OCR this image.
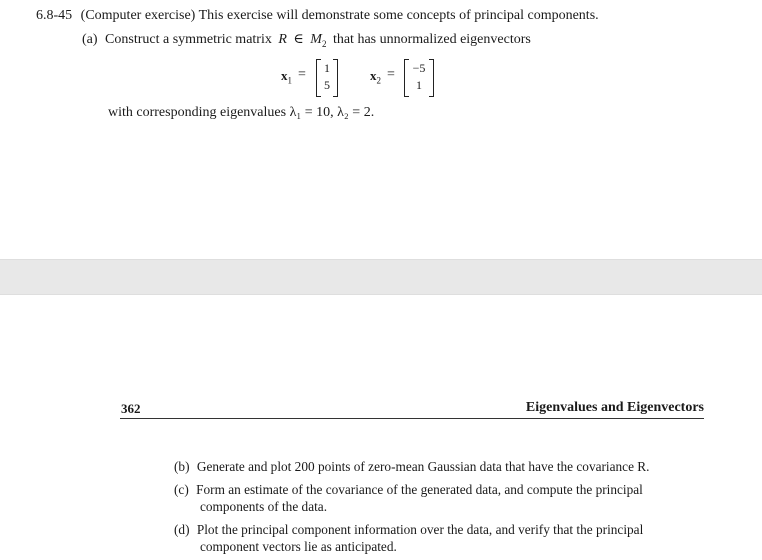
6.8-45 (Computer exercise) This exercise will demonstrate some concepts of principal components.
(a) Construct a symmetric matrix R ∈ $M_2$ that has unnormalized eigenvectors
$x_1$ =	1
5
$x_2$ =	−5
1
with corresponding eigenvalues λ₁ = 10, λ₂ = 2.
362	Eigenvalues and Eigenvectors
(b) Generate and plot 200 points of zero-mean Gaussian data that have the covariance R.
(c) Form an estimate of the covariance of the generated data, and compute the principal
components of the data.
(d) Plot the principal component information over the data, and verify that the principal
component vectors lie as anticipated.
